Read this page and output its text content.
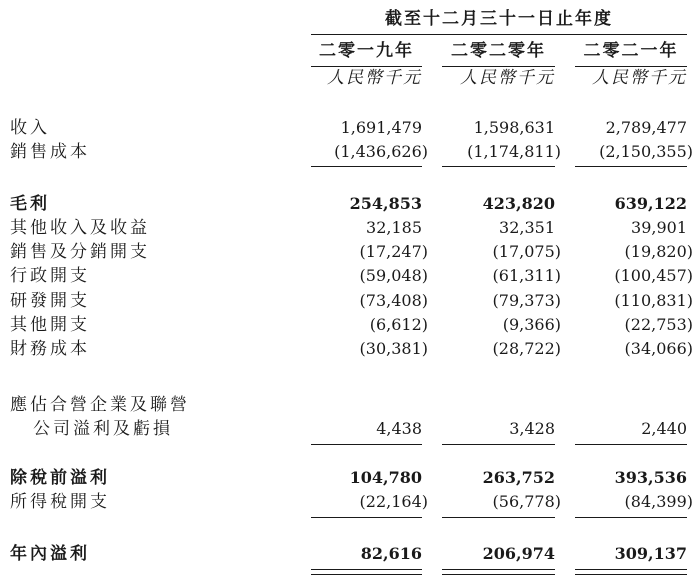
截至十二月三十一日止年度
二零一九年	二零二零年	二零二一年
人民幣千元	人民幣千元	人民幣千元
收入	1,691,479	1,598,631	2,789,477
銷售成本	(1,436,626) (1,174,811) (2,150,355)
毛利	254,853	423,820	639,122
其他收入及收益	32,185	32,351	39,901
銷售及分銷開支	(17,247)	(17,075)	(19,820)
行政開支	(59,048)	(61,311)	(100,457)
研發開支	(73,408)	(79,373)	(110,831)
其他開支	(6,612)	(9,366)	(22,753)
財務成本	(30,381)	(28,722)	(34,066)
應佔合營企業及聯營
公司溢利及虧損	4,438	3,428	2,440
除稅前溢利	104,780	263,752	393,536
所得稅開支	(22,164)	(56,778)	(84,399)
年內溢利	82,616	206,974	309,137
